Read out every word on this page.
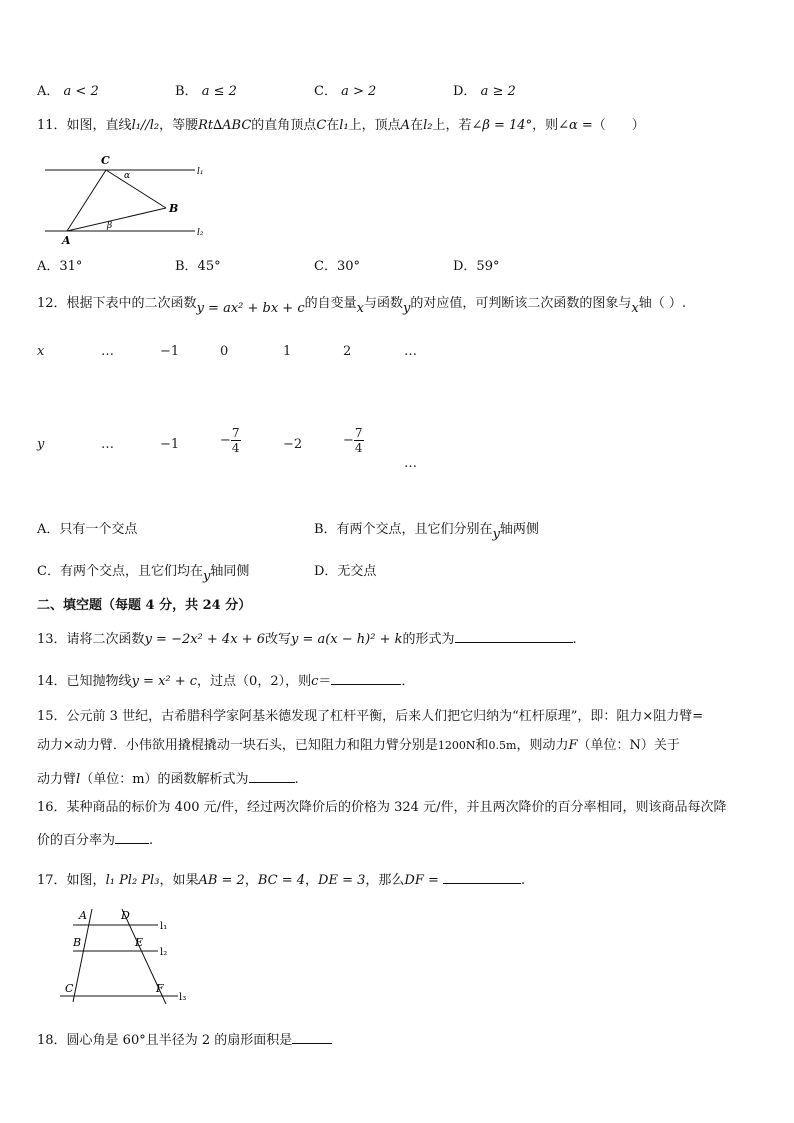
A． a < 2	B． a ≤ 2	C． a > 2	D． a ≥ 2
11．如图，直线l₁//l₂，等腰Rt∆ABC的直角顶点C在l₁上，顶点A在l₂上，若∠β = 14°，则∠α =（　　）
C
α
B
β
A
l₁
l₂
A．31°	B．45°	C．30°	D．59°
12．根据下表中的二次函数y = ax² + bx + c的自变量x与函数y的对应值，可判断该二次函数的图象与x轴（ ）.
x	…	−1	0	1	2	…
y	…	−1	− $\frac{7}{4}$	−2	− $\frac{7}{4}$
…
A．只有一个交点	B．有两个交点，且它们分别在y轴两侧
C．有两个交点，且它们均在y轴同侧	D．无交点
二、填空题（每题 4 分，共 24 分）
13．请将二次函数y = −2x² + 4x + 6改写y = a(x − h)² + k的形式为	.
14．已知抛物线y = x² + c，过点（0，2），则c＝	．
15．公元前 3 世纪，古希腊科学家阿基米德发现了杠杆平衡，后来人们把它归纳为“杠杆原理”，即：阻力×阻力臂=
动力×动力臂．小伟欲用撬棍撬动一块石头，已知阻力和阻力臂分别是1200N和0.5m，则动力F（单位：N）关于
动力臂l（单位：m）的函数解析式为	.
16．某种商品的标价为 400 元/件，经过两次降价后的价格为 324 元/件，并且两次降价的百分率相同，则该商品每次降
价的百分率为	.
17．如图，l₁ Pl₂ Pl₃，如果AB = 2，BC = 4，DE = 3，那么DF =	.
A	D
l₁
B	E
l₂
C	F
l₃
18．圆心角是 60°且半径为 2 的扇形面积是
